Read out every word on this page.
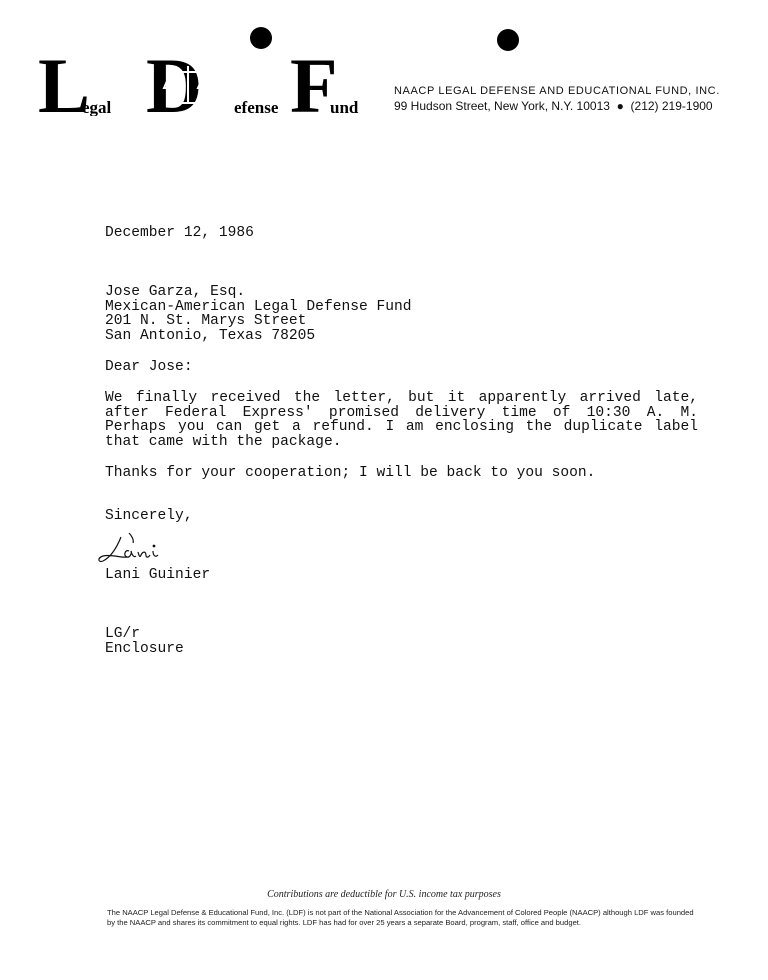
L
egal D efense F
und
NAACP LEGAL DEFENSE AND EDUCATIONAL FUND, INC.
99 Hudson Street, New York, N.Y. 10013  ●  (212) 219-1900
December 12, 1986
Jose Garza, Esq.
Mexican-American Legal Defense Fund
201 N. St. Marys Street
San Antonio, Texas 78205
Dear Jose:
We finally received the letter, but it apparently arrived late, after Federal Express' promised delivery time of 10:30 A. M. Perhaps you can get a refund. I am enclosing the duplicate label that came with the package.
Thanks for your cooperation; I will be back to you soon.
Sincerely,
Lani Guinier
LG/r
Enclosure
Contributions are deductible for U.S. income tax purposes
The NAACP Legal Defense & Educational Fund, Inc. (LDF) is not part of the National Association for the Advancement of Colored People (NAACP) although LDF was founded by the NAACP and shares its commitment to equal rights. LDF has had for over 25 years a separate Board, program, staff, office and budget.
